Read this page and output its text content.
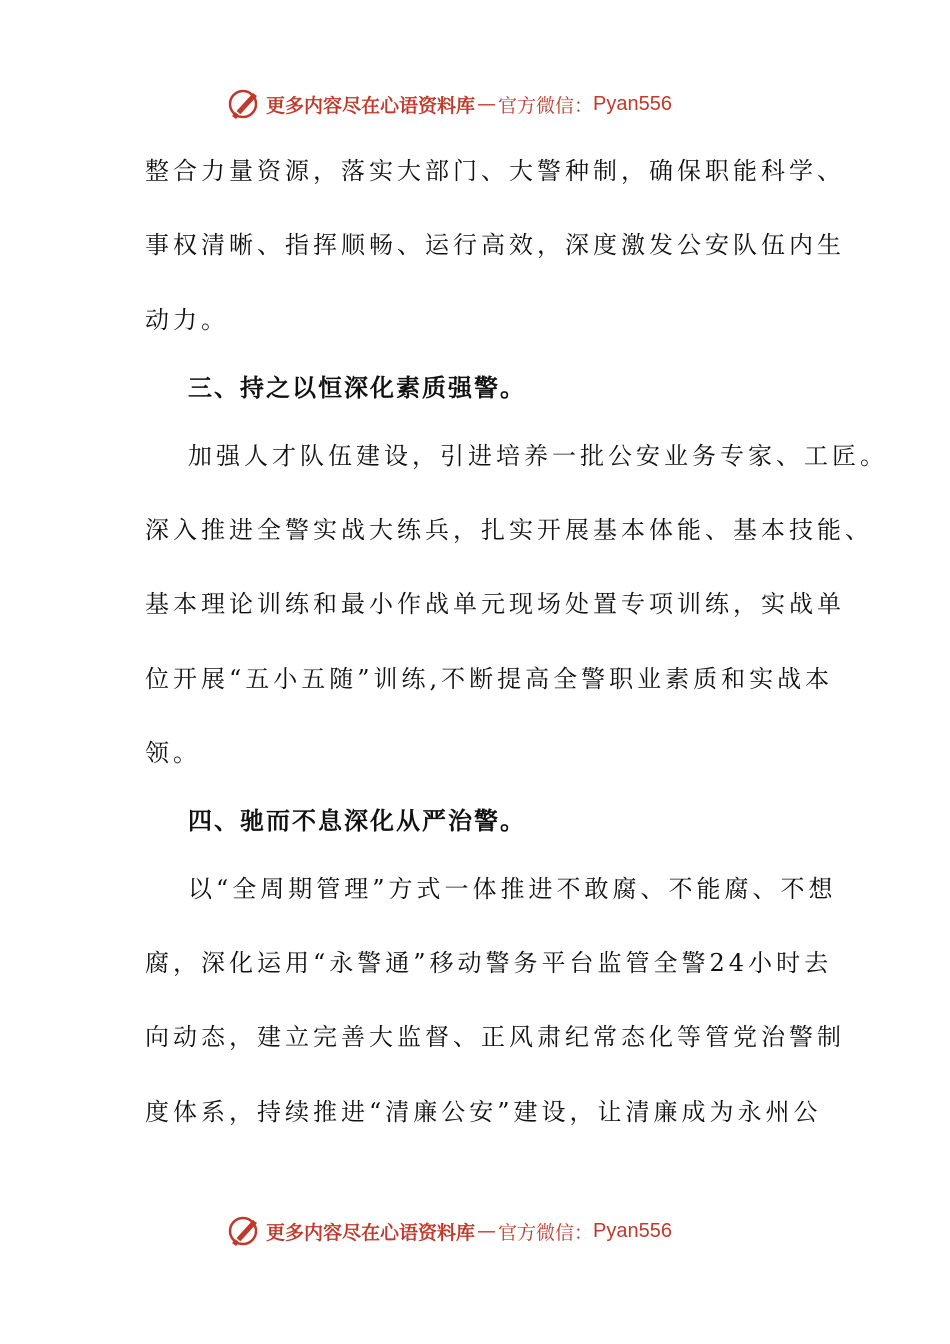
更多内容尽在心语资料库 — 官方微信： Pyan556
整合力量资源，落实大部门、大警种制，确保职能科学、
事权清晰、指挥顺畅、运行高效，深度激发公安队伍内生
动力。
三、持之以恒深化素质强警。
加强人才队伍建设，引进培养一批公安业务专家、工匠。
深入推进全警实战大练兵，扎实开展基本体能、基本技能、
基本理论训练和最小作战单元现场处置专项训练，实战单
位开展“五小五随”训练,不断提高全警职业素质和实战本
领。
四、驰而不息深化从严治警。
以“全周期管理”方式一体推进不敢腐、不能腐、不想
腐，深化运用“永警通”移动警务平台监管全警24小时去
向动态，建立完善大监督、正风肃纪常态化等管党治警制
度体系，持续推进“清廉公安”建设，让清廉成为永州公
更多内容尽在心语资料库 — 官方微信： Pyan556
